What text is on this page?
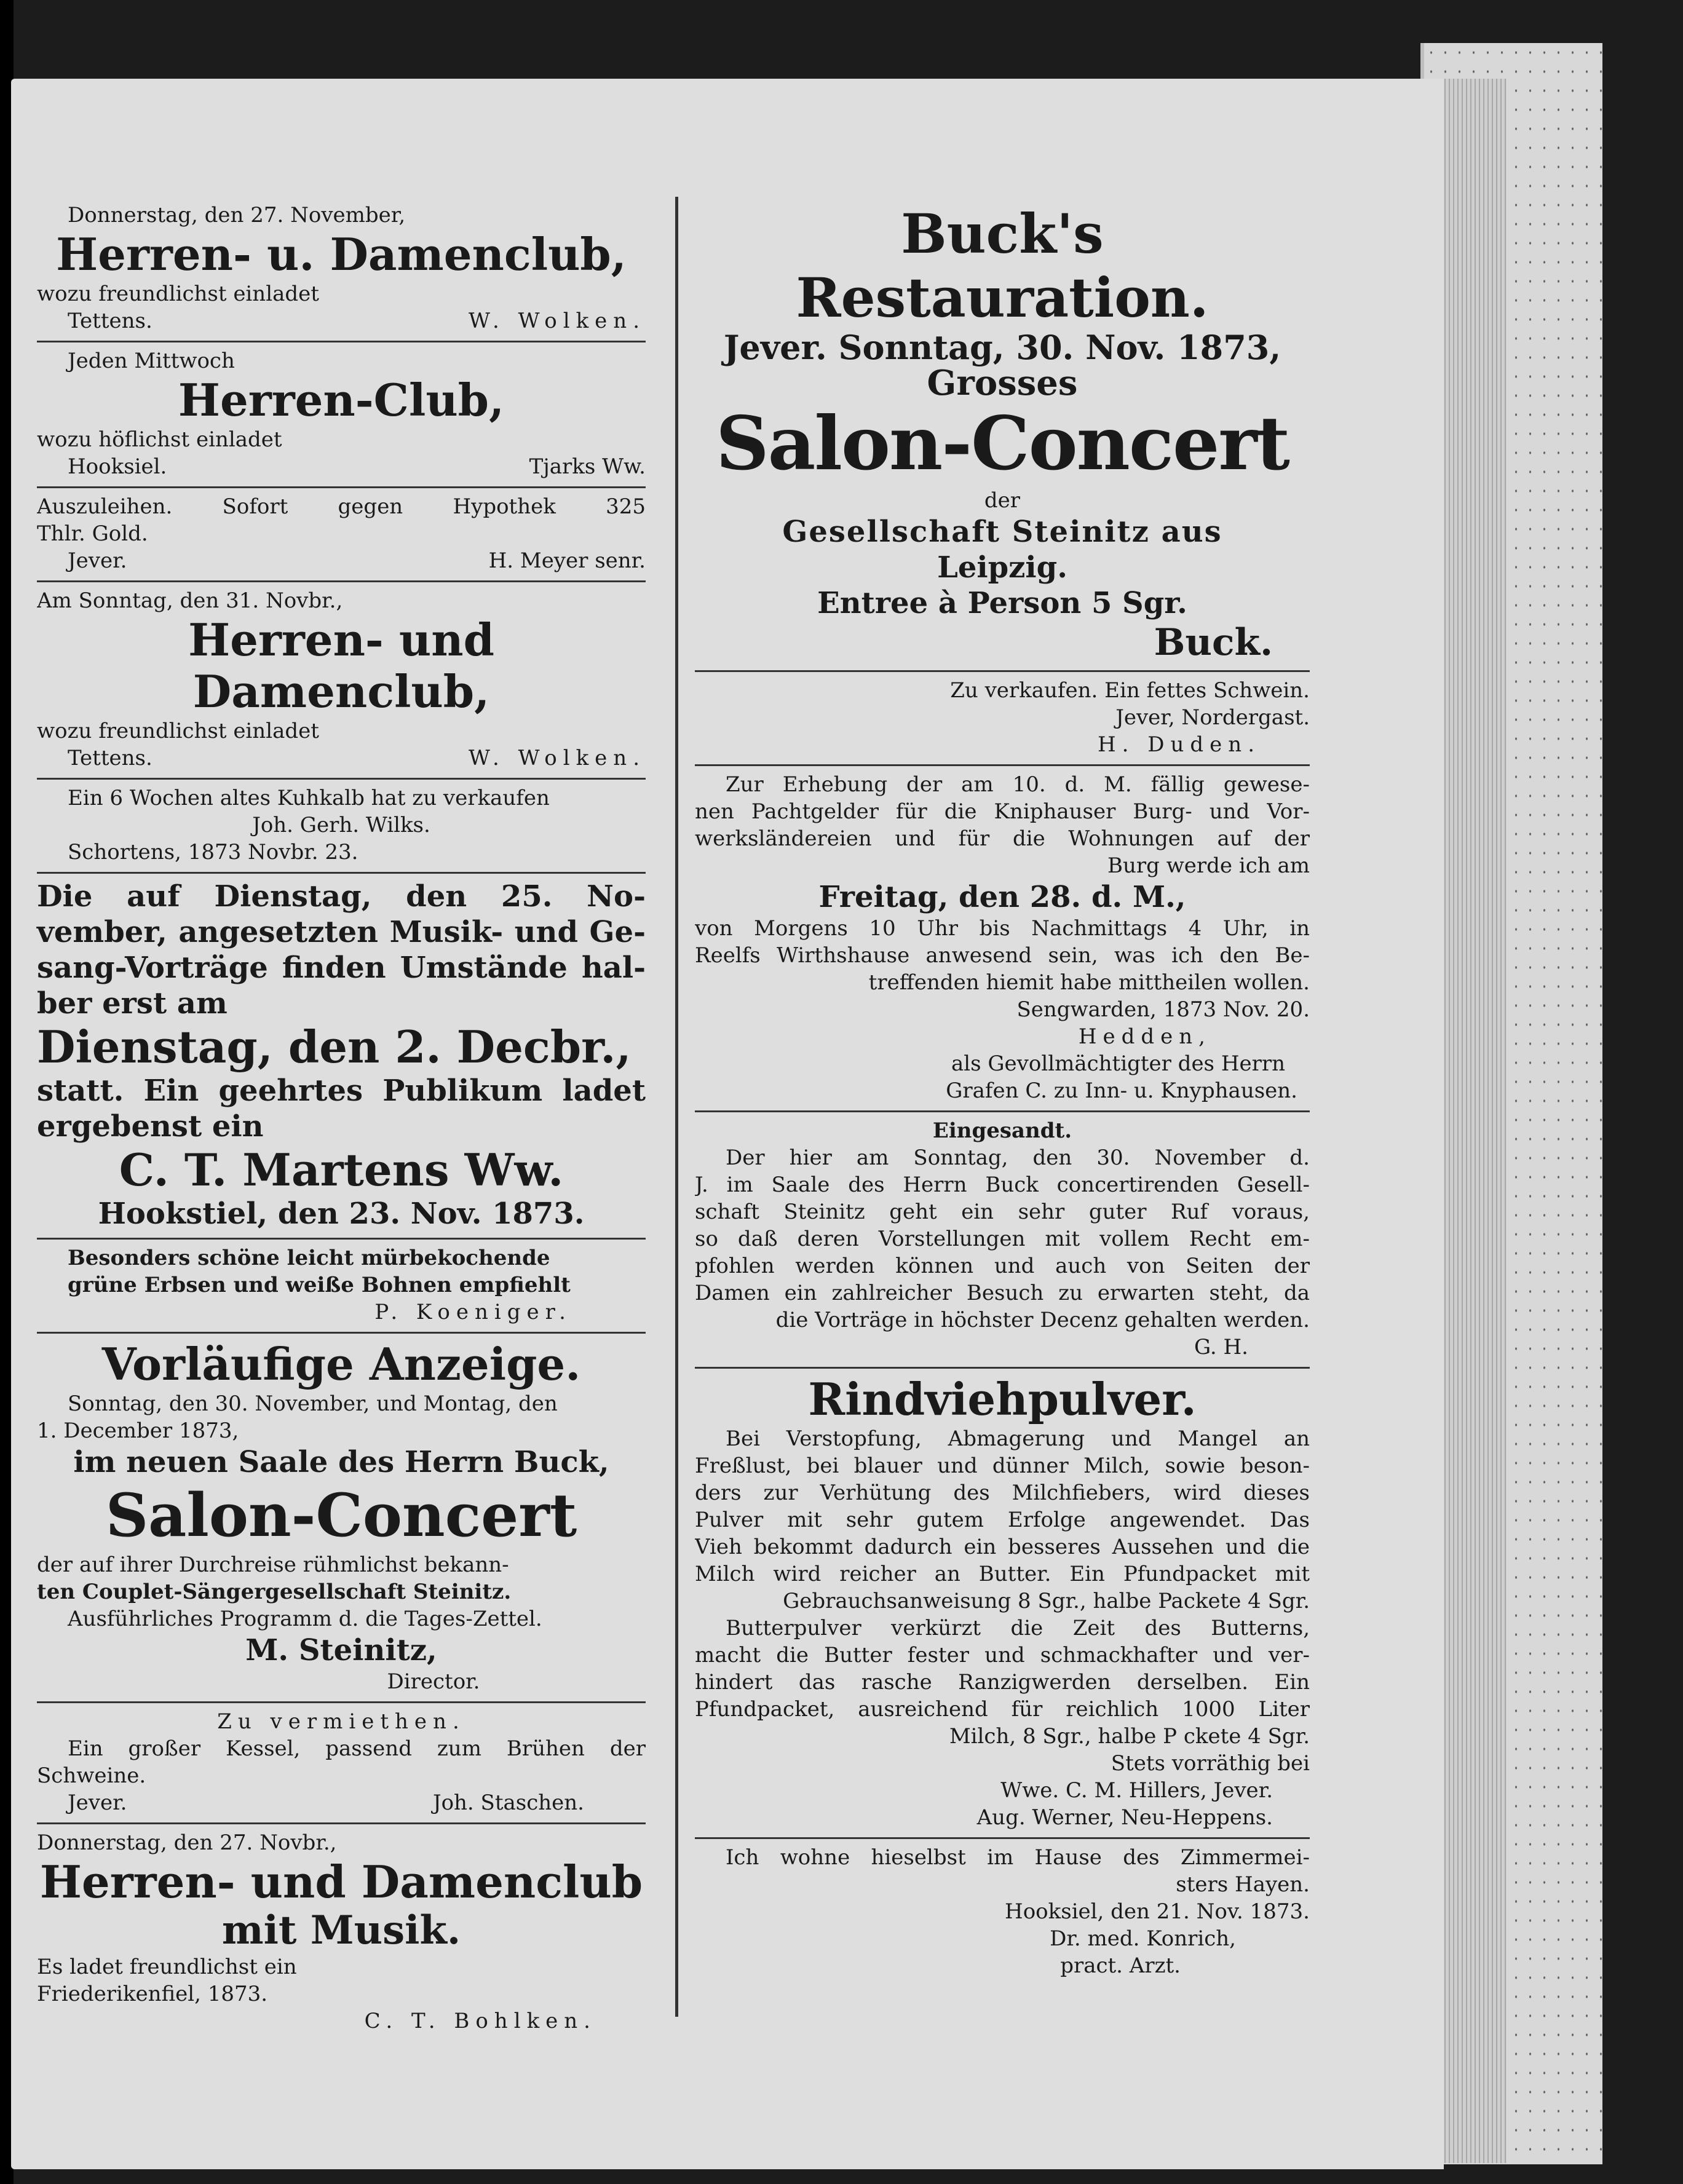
Donnerstag, den 27. November,
Herren- u. Damenclub,
wozu freundlichst einladet
Tettens.	W. Wolken.
Jeden Mittwoch
Herren-Club,
wozu höflichst einladet
Hooksiel.	Tjarks Ww.
Auszuleihen. Sofort gegen Hypothek 325
Thlr. Gold.
Jever.	H. Meyer senr.
Am Sonntag, den 31. Novbr.,
Herren- und Damenclub,
wozu freundlichst einladet
Tettens.	W. Wolken.
Ein 6 Wochen altes Kuhkalb hat zu verkaufen
Joh. Gerh. Wilks.
Schortens, 1873 Novbr. 23.
Die auf Dienstag, den 25. No-
vember, angesetzten Musik- und Ge-
sang-Vorträge finden Umstände hal-
ber erst am
Dienstag, den 2. Decbr.,
statt. Ein geehrtes Publikum ladet
ergebenst ein
C. T. Martens Ww.
Hookstiel, den 23. Nov. 1873.
Besonders schöne leicht mürbekochende
grüne Erbsen und weiße Bohnen empfiehlt
P. Koeniger.
Vorläufige Anzeige.
Sonntag, den 30. November, und Montag, den
1. December 1873,
im neuen Saale des Herrn Buck,
Salon-Concert
der auf ihrer Durchreise rühmlichst bekann-
ten Couplet-Sängergesellschaft Steinitz.
Ausführliches Programm d. die Tages-Zettel.
M. Steinitz,
Director.
Zu vermiethen.
Ein großer Kessel, passend zum Brühen der
Schweine.
Jever.	Joh. Staschen.
Donnerstag, den 27. Novbr.,
Herren- und Damenclub
mit Musik.
Es ladet freundlichst ein
Friederikenfiel, 1873.
C. T. Bohlken.
Buck's Restauration.
Jever. Sonntag, 30. Nov. 1873,
Grosses
Salon-Concert
der
Gesellschaft Steinitz aus
Leipzig.
Entree à Person 5 Sgr.
Buck.
Zu verkaufen. Ein fettes Schwein.
Jever, Nordergast.
H. Duden.
Zur Erhebung der am 10. d. M. fällig gewese-
nen Pachtgelder für die Kniphauser Burg- und Vor-
werksländereien und für die Wohnungen auf der
Burg werde ich am
Freitag, den 28. d. M.,
von Morgens 10 Uhr bis Nachmittags 4 Uhr, in
Reelfs Wirthshause anwesend sein, was ich den Be-
treffenden hiemit habe mittheilen wollen.
Sengwarden, 1873 Nov. 20.
Hedden,
als Gevollmächtigter des Herrn
Grafen C. zu Inn- u. Knyphausen.
Eingesandt.
Der hier am Sonntag, den 30. November d.
J. im Saale des Herrn Buck concertirenden Gesell-
schaft Steinitz geht ein sehr guter Ruf voraus,
so daß deren Vorstellungen mit vollem Recht em-
pfohlen werden können und auch von Seiten der
Damen ein zahlreicher Besuch zu erwarten steht, da
die Vorträge in höchster Decenz gehalten werden.
G. H.
Rindviehpulver.
Bei Verstopfung, Abmagerung und Mangel an
Freßlust, bei blauer und dünner Milch, sowie beson-
ders zur Verhütung des Milchfiebers, wird dieses
Pulver mit sehr gutem Erfolge angewendet. Das
Vieh bekommt dadurch ein besseres Aussehen und die
Milch wird reicher an Butter. Ein Pfundpacket mit
Gebrauchsanweisung 8 Sgr., halbe Packete 4 Sgr.
Butterpulver verkürzt die Zeit des Butterns,
macht die Butter fester und schmackhafter und ver-
hindert das rasche Ranzigwerden derselben. Ein
Pfundpacket, ausreichend für reichlich 1000 Liter
Milch, 8 Sgr., halbe P ckete 4 Sgr.
Stets vorräthig bei
Wwe. C. M. Hillers, Jever.
Aug. Werner, Neu-Heppens.
Ich wohne hieselbst im Hause des Zimmermei-
sters Hayen.
Hooksiel, den 21. Nov. 1873.
Dr. med. Konrich,
pract. Arzt.
